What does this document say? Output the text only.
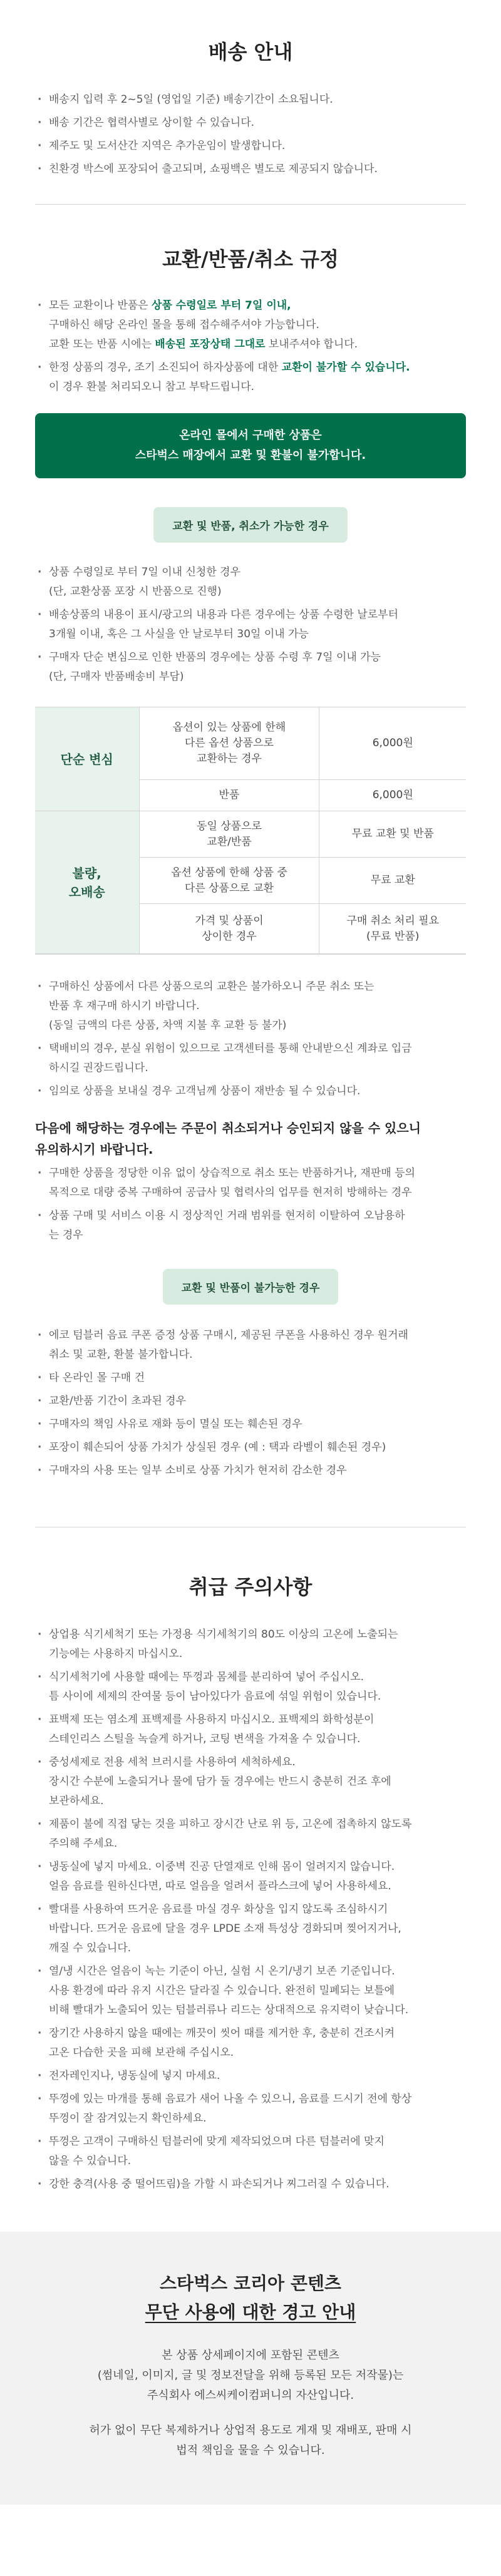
배송 안내
· 배송지 입력 후 2~5일 (영업일 기준) 배송기간이 소요됩니다.
· 배송 기간은 협력사별로 상이할 수 있습니다.
· 제주도 및 도서산간 지역은 추가운임이 발생합니다.
· 친환경 박스에 포장되어 출고되며, 쇼핑백은 별도로 제공되지 않습니다.
교환/반품/취소 규정
· 모든 교환이나 반품은 상품 수령일로 부터 7일 이내,
구매하신 해당 온라인 몰을 통해 접수해주셔야 가능합니다.
교환 또는 반품 시에는 배송된 포장상태 그대로 보내주셔야 합니다.
· 한정 상품의 경우, 조기 소진되어 하자상품에 대한 교환이 불가할 수 있습니다.
이 경우 환불 처리되오니 참고 부탁드립니다.
온라인 몰에서 구매한 상품은
스타벅스 매장에서 교환 및 환불이 불가합니다.
교환 및 반품, 취소가 가능한 경우
· 상품 수령일로 부터 7일 이내 신청한 경우
(단, 교환상품 포장 시 반품으로 진행)
· 배송상품의 내용이 표시/광고의 내용과 다른 경우에는 상품 수령한 날로부터
3개월 이내, 혹은 그 사실을 안 날로부터 30일 이내 가능
· 구매자 단순 변심으로 인한 반품의 경우에는 상품 수령 후 7일 이내 가능
(단, 구매자 반품배송비 부담)
단순 변심	옵션이 있는 상품에 한해
다른 옵션 상품으로
교환하는 경우	6,000원
	반품	6,000원
불량,
오배송	동일 상품으로
교환/반품	무료 교환 및 반품
	옵션 상품에 한해 상품 중
다른 상품으로 교환	무료 교환
	가격 및 상품이
상이한 경우	구매 취소 처리 필요
(무료 반품)
· 구매하신 상품에서 다른 상품으로의 교환은 불가하오니 주문 취소 또는
반품 후 재구매 하시기 바랍니다.
(동일 금액의 다른 상품, 차액 지불 후 교환 등 불가)
· 택배비의 경우, 분실 위험이 있으므로 고객센터를 통해 안내받으신 계좌로 입금
하시길 권장드립니다.
· 임의로 상품을 보내실 경우 고객님께 상품이 재반송 될 수 있습니다.
다음에 해당하는 경우에는 주문이 취소되거나 승인되지 않을 수 있으니
유의하시기 바랍니다.
· 구매한 상품을 정당한 이유 없이 상습적으로 취소 또는 반품하거나, 재판매 등의
목적으로 대량 중복 구매하여 공급사 및 협력사의 업무를 현저히 방해하는 경우
· 상품 구매 및 서비스 이용 시 정상적인 거래 범위를 현저히 이탈하여 오남용하
는 경우
교환 및 반품이 불가능한 경우
· 에코 텀블러 음료 쿠폰 증정 상품 구매시, 제공된 쿠폰을 사용하신 경우 원거래
취소 및 교환, 환불 불가합니다.
· 타 온라인 몰 구매 건
· 교환/반품 기간이 초과된 경우
· 구매자의 책임 사유로 재화 등이 멸실 또는 훼손된 경우
· 포장이 훼손되어 상품 가치가 상실된 경우 (예 : 택과 라벨이 훼손된 경우)
· 구매자의 사용 또는 일부 소비로 상품 가치가 현저히 감소한 경우
취급 주의사항
· 상업용 식기세척기 또는 가정용 식기세척기의 80도 이상의 고온에 노출되는
기능에는 사용하지 마십시오.
· 식기세척기에 사용할 때에는 뚜껑과 몸체를 분리하여 넣어 주십시오.
틈 사이에 세제의 잔여물 등이 남아있다가 음료에 섞일 위험이 있습니다.
· 표백제 또는 염소계 표백제를 사용하지 마십시오. 표백제의 화학성분이
스테인리스 스틸을 녹슬게 하거나, 코팅 변색을 가져올 수 있습니다.
· 중성세제로 전용 세척 브러시를 사용하여 세척하세요.
장시간 수분에 노출되거나 물에 담가 둘 경우에는 반드시 충분히 건조 후에
보관하세요.
· 제품이 불에 직접 닿는 것을 피하고 장시간 난로 위 등, 고온에 접촉하지 않도록
주의해 주세요.
· 냉동실에 넣지 마세요. 이중벽 진공 단열재로 인해 몸이 얼려지지 않습니다.
얼음 음료를 원하신다면, 따로 얼음을 얼려서 플라스크에 넣어 사용하세요.
· 빨대를 사용하여 뜨거운 음료를 마실 경우 화상을 입지 않도록 조심하시기
바랍니다. 뜨거운 음료에 달을 경우 LPDE 소재 특성상 경화되며 찢어지거나,
깨질 수 있습니다.
· 열/냉 시간은 얼음이 녹는 기준이 아닌, 실험 시 온기/냉기 보존 기준입니다.
사용 환경에 따라 유지 시간은 달라질 수 있습니다. 완전히 밀폐되는 보틀에
비해 빨대가 노출되어 있는 텀블러류나 리드는 상대적으로 유지력이 낮습니다.
· 장기간 사용하지 않을 때에는 깨끗이 씻어 때를 제거한 후, 충분히 건조시켜
고온 다습한 곳을 피해 보관해 주십시오.
· 전자레인지나, 냉동실에 넣지 마세요.
· 뚜껑에 있는 마개를 통해 음료가 새어 나올 수 있으니, 음료를 드시기 전에 항상
뚜껑이 잘 잠겨있는지 확인하세요.
· 뚜껑은 고객이 구매하신 텀블러에 맞게 제작되었으며 다른 텀블러에 맞지
않을 수 있습니다.
· 강한 충격(사용 중 떨어뜨림)을 가할 시 파손되거나 찌그러질 수 있습니다.
스타벅스 코리아 콘텐츠
무단 사용에 대한 경고 안내
본 상품 상세페이지에 포함된 콘텐츠
(썸네일, 이미지, 글 및 정보전달을 위해 등록된 모든 저작물)는
주식회사 에스씨케이컴퍼니의 자산입니다.
허가 없이 무단 복제하거나 상업적 용도로 게재 및 재배포, 판매 시
법적 책임을 물을 수 있습니다.
